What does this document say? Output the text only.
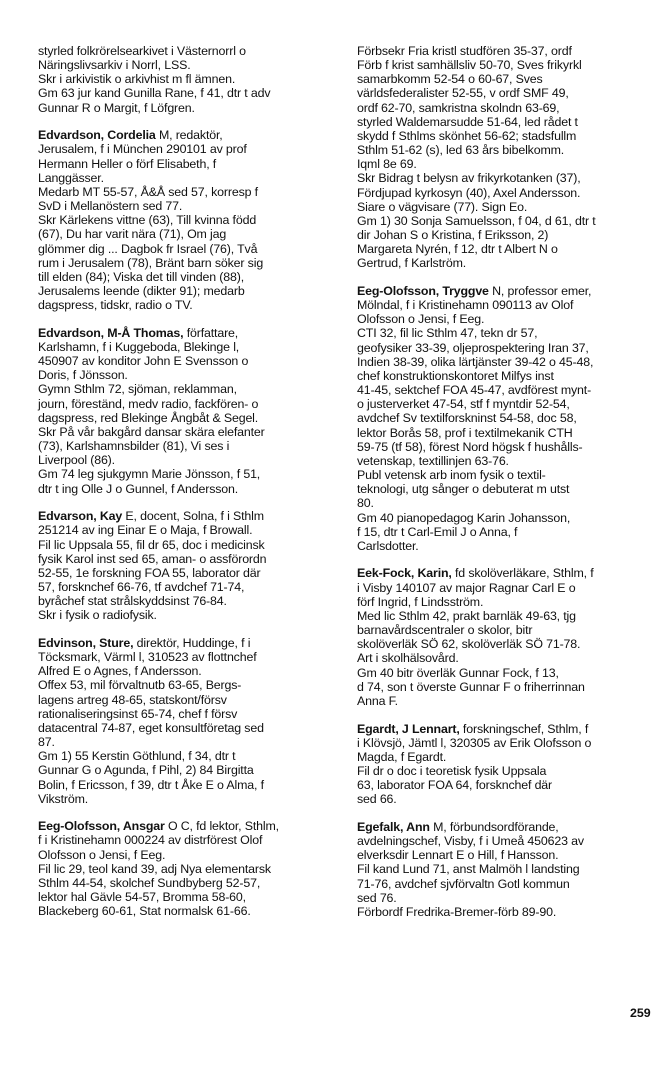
styrled folkrörelsearkivet i Västernorrl o
Näringslivsarkiv i Norrl, LSS.
Skr i arkivistik o arkivhist m fl ämnen.
Gm 63 jur kand Gunilla Rane, f 41, dtr t adv
Gunnar R o Margit, f Löfgren.
Edvardson, Cordelia M, redaktör,
Jerusalem, f i München 290101 av prof
Hermann Heller o förf Elisabeth, f
Langgässer.
Medarb MT 55-57, Å&Å sed 57, korresp f
SvD i Mellanöstern sed 77.
Skr Kärlekens vittne (63), Till kvinna född
(67), Du har varit nära (71), Om jag
glömmer dig ... Dagbok fr Israel (76), Två
rum i Jerusalem (78), Bränt barn söker sig
till elden (84); Viska det till vinden (88),
Jerusalems leende (dikter 91); medarb
dagspress, tidskr, radio o TV.
Edvardson, M-Å Thomas, författare,
Karlshamn, f i Kuggeboda, Blekinge l,
450907 av konditor John E Svensson o
Doris, f Jönsson.
Gymn Sthlm 72, sjöman, reklamman,
journ, föreständ, medv radio, fackfören- o
dagspress, red Blekinge Ångbåt & Segel.
Skr På vår bakgård dansar skära elefanter
(73), Karlshamnsbilder (81), Vi ses i
Liverpool (86).
Gm 74 leg sjukgymn Marie Jönsson, f 51,
dtr t ing Olle J o Gunnel, f Andersson.
Edvarson, Kay E, docent, Solna, f i Sthlm
251214 av ing Einar E o Maja, f Browall.
Fil lic Uppsala 55, fil dr 65, doc i medicinsk
fysik Karol inst sed 65, aman- o assförordn
52-55, 1e forskning FOA 55, laborator där
57, forsknchef 66-76, tf avdchef 71-74,
byråchef stat strålskyddsinst 76-84.
Skr i fysik o radiofysik.
Edvinson, Sture, direktör, Huddinge, f i
Töcksmark, Värml l, 310523 av flottnchef
Alfred E o Agnes, f Andersson.
Offex 53, mil förvaltnutb 63-65, Bergs-
lagens artreg 48-65, statskont/försv
rationaliseringsinst 65-74, chef f försv
datacentral 74-87, eget konsultföretag sed
87.
Gm 1) 55 Kerstin Göthlund, f 34, dtr t
Gunnar G o Agunda, f Pihl, 2) 84 Birgitta
Bolin, f Ericsson, f 39, dtr t Åke E o Alma, f
Vikström.
Eeg-Olofsson, Ansgar O C, fd lektor, Sthlm,
f i Kristinehamn 000224 av distrförest Olof
Olofsson o Jensi, f Eeg.
Fil lic 29, teol kand 39, adj Nya elementarsk
Sthlm 44-54, skolchef Sundbyberg 52-57,
lektor hal Gävle 54-57, Bromma 58-60,
Blackeberg 60-61, Stat normalsk 61-66.
Förbsekr Fria kristl studfören 35-37, ordf
Förb f krist samhällsliv 50-70, Sves frikyrkl
samarbkomm 52-54 o 60-67, Sves
världsfederalister 52-55, v ordf SMF 49,
ordf 62-70, samkristna skolndn 63-69,
styrled Waldemarsudde 51-64, led rådet t
skydd f Sthlms skönhet 56-62; stadsfullm
Sthlm 51-62 (s), led 63 års bibelkomm.
Iqml 8e 69.
Skr Bidrag t belysn av frikyrkotanken (37),
Fördjupad kyrkosyn (40), Axel Andersson.
Siare o vägvisare (77). Sign Eo.
Gm 1) 30 Sonja Samuelsson, f 04, d 61, dtr t
dir Johan S o Kristina, f Eriksson, 2)
Margareta Nyrén, f 12, dtr t Albert N o
Gertrud, f Karlström.
Eeg-Olofsson, Tryggve N, professor emer,
Mölndal, f i Kristinehamn 090113 av Olof
Olofsson o Jensi, f Eeg.
CTI 32, fil lic Sthlm 47, tekn dr 57,
geofysiker 33-39, oljeprospektering Iran 37,
Indien 38-39, olika lärtjänster 39-42 o 45-48,
chef konstruktionskontoret Milfys inst
41-45, sektchef FOA 45-47, avdförest mynt-
o justerverket 47-54, stf f myntdir 52-54,
avdchef Sv textilforskninst 54-58, doc 58,
lektor Borås 58, prof i textilmekanik CTH
59-75 (tf 58), förest Nord högsk f hushålls-
vetenskap, textillinjen 63-76.
Publ vetensk arb inom fysik o textil-
teknologi, utg sånger o debuterat m utst
80.
Gm 40 pianopedagog Karin Johansson,
f 15, dtr t Carl-Emil J o Anna, f
Carlsdotter.
Eek-Fock, Karin, fd skolöverläkare, Sthlm, f
i Visby 140107 av major Ragnar Carl E o
förf Ingrid, f Lindsström.
Med lic Sthlm 42, prakt barnläk 49-63, tjg
barnavårdscentraler o skolor, bitr
skolöverläk SÖ 62, skolöverläk SÖ 71-78.
Art i skolhälsovård.
Gm 40 bitr överläk Gunnar Fock, f 13,
d 74, son t överste Gunnar F o friherrinnan
Anna F.
Egardt, J Lennart, forskningschef, Sthlm, f
i Klövsjö, Jämtl l, 320305 av Erik Olofsson o
Magda, f Egardt.
Fil dr o doc i teoretisk fysik Uppsala
63, laborator FOA 64, forsknchef där
sed 66.
Egefalk, Ann M, förbundsordförande,
avdelningschef, Visby, f i Umeå 450623 av
elverksdir Lennart E o Hill, f Hansson.
Fil kand Lund 71, anst Malmöh l landsting
71-76, avdchef sjvförvaltn Gotl kommun
sed 76.
Förbordf Fredrika-Bremer-förb 89-90.
259
